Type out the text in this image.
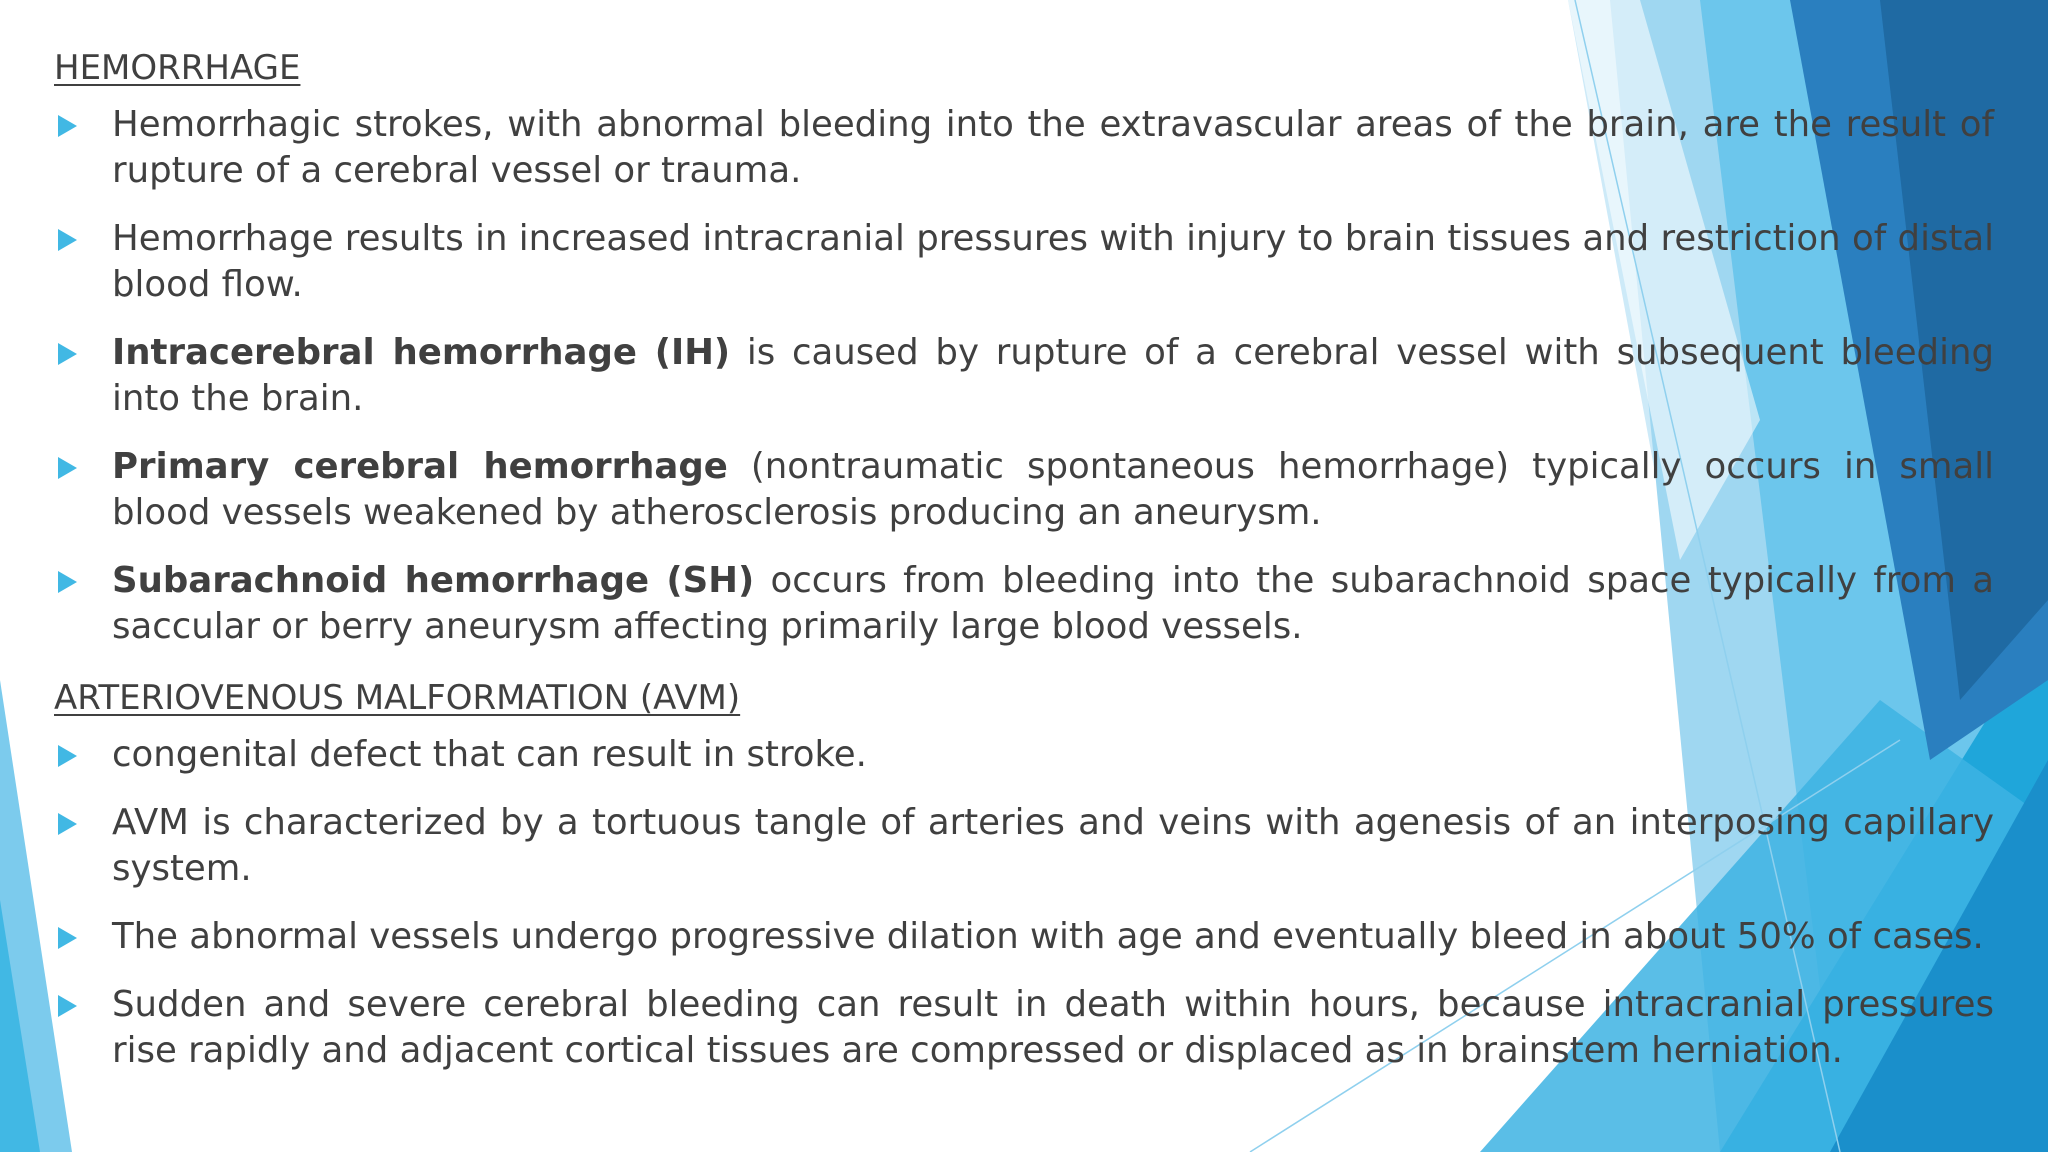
HEMORRHAGE
Hemorrhagic strokes, with abnormal bleeding into the extravascular areas of the brain, are the result of rupture of a cerebral vessel or trauma.
Hemorrhage results in increased intracranial pressures with injury to brain tissues and restriction of distal blood flow.
Intracerebral hemorrhage (IH) is caused by rupture of a cerebral vessel with subsequent bleeding into the brain.
Primary cerebral hemorrhage (nontraumatic spontaneous hemorrhage) typically occurs in small blood vessels weakened by atherosclerosis producing an aneurysm.
Subarachnoid hemorrhage (SH) occurs from bleeding into the subarachnoid space typically from a saccular or berry aneurysm affecting primarily large blood vessels.
ARTERIOVENOUS MALFORMATION (AVM)
congenital defect that can result in stroke.
AVM is characterized by a tortuous tangle of arteries and veins with agenesis of an interposing capillary system.
The abnormal vessels undergo progressive dilation with age and eventually bleed in about 50% of cases.
Sudden and severe cerebral bleeding can result in death within hours, because intracranial pressures rise rapidly and adjacent cortical tissues are compressed or displaced as in brainstem herniation.
